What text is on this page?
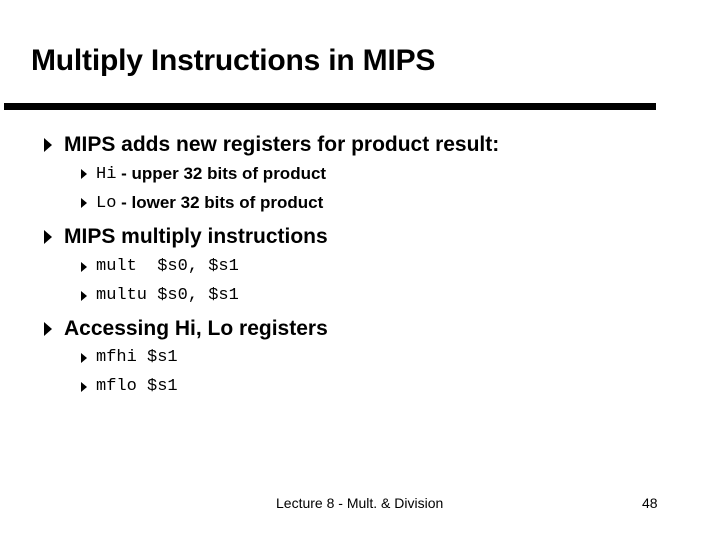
Multiply Instructions in MIPS
MIPS adds new registers for product result:
Hi - upper 32 bits of product
Lo - lower 32 bits of product
MIPS multiply instructions
mult  $s0, $s1
multu $s0, $s1
Accessing Hi, Lo registers
mfhi $s1
mflo $s1
Lecture 8 - Mult. & Division	48
